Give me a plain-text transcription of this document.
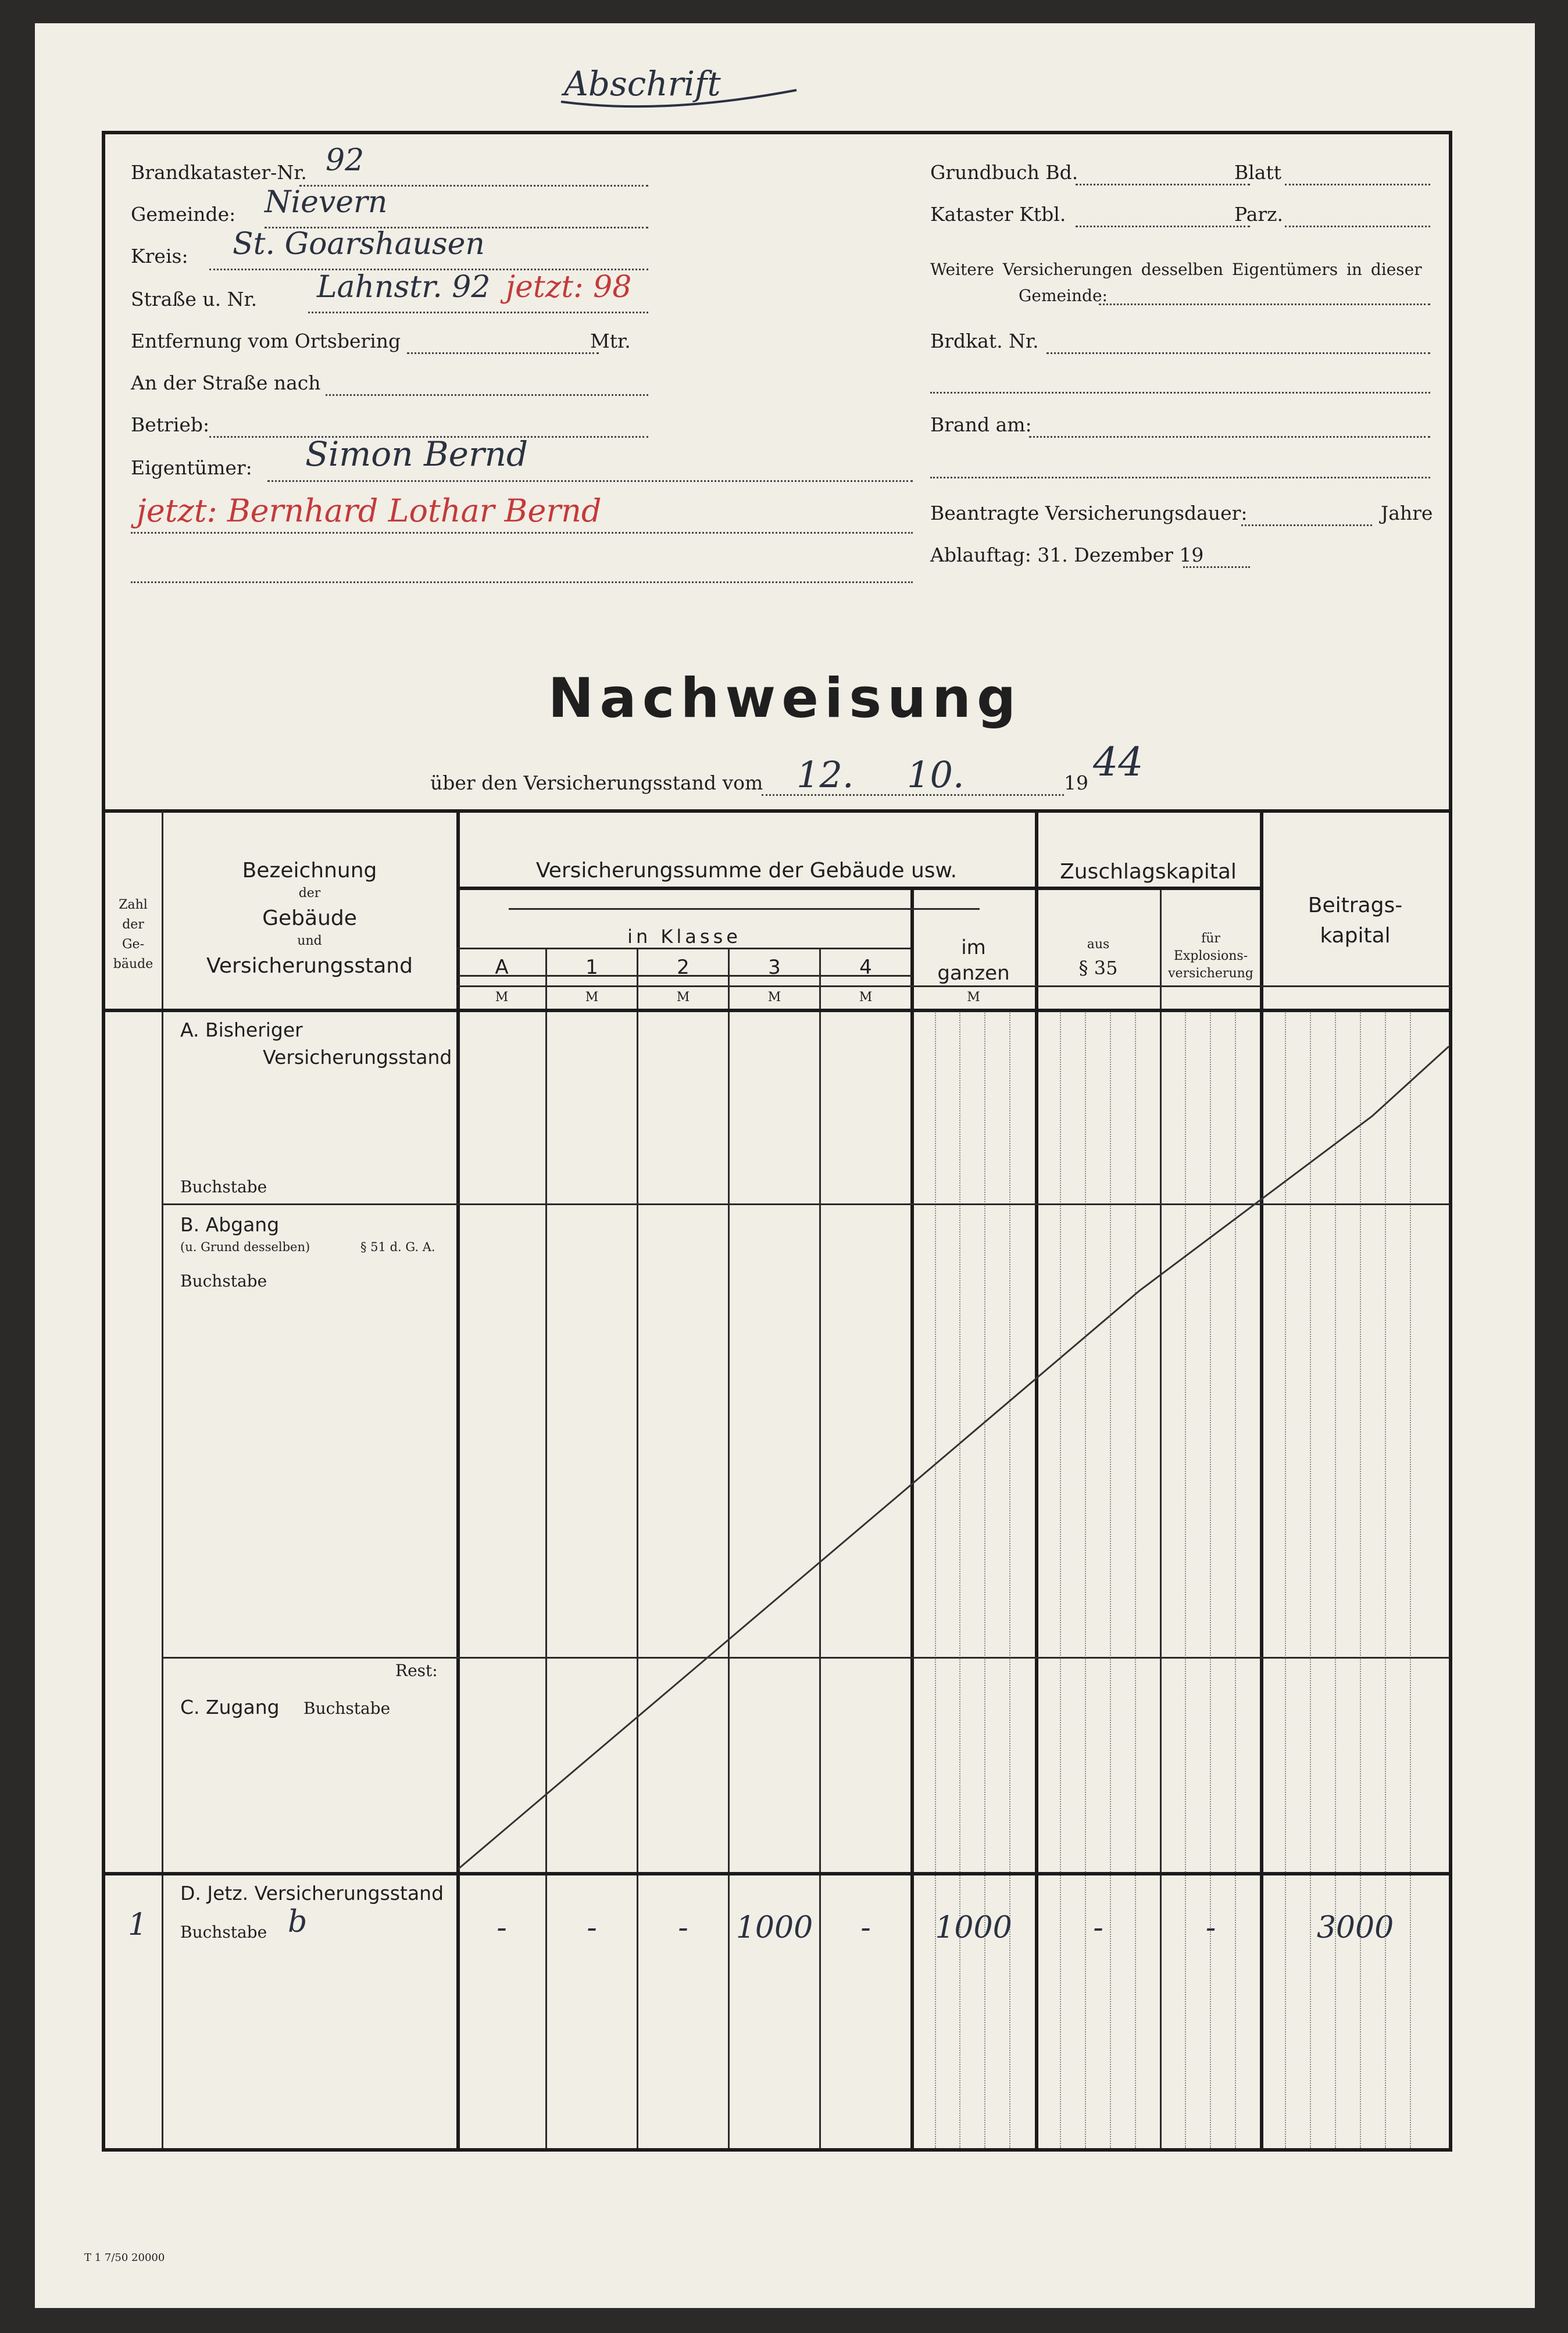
Abschrift
Brandkataster-Nr. 92
Gemeinde: Nievern
Kreis: St. Goarshausen
Straße u. Nr. Lahnstr. 92 jetzt: 98
Entfernung vom Ortsbering	Mtr.
An der Straße nach
Betrieb:
Eigentümer: Simon Bernd
jetzt: Bernhard Lothar Bernd
Grundbuch Bd.	Blatt
Kataster Ktbl.	Parz.
Weitere Versicherungen desselben Eigentümers in dieser
Gemeinde:
Brdkat. Nr.
Brand am:
Beantragte Versicherungsdauer:	Jahre
Ablauftag: 31. Dezember 19
Nachweisung
über den Versicherungsstand vom 12. 10.	19 44
Zahl
der
Ge-
bäude
Bezeichnung
der
Gebäude
und
Versicherungsstand
Versicherungssumme der Gebäude usw.
in Klasse
A	1	2	3	4
im
ganzen
M	M	M	M	M	M
Zuschlagskapital
aus
§ 35
für
Explosions-
versicherung
Beitrags-
kapital
A. Bisheriger
Versicherungsstand
Buchstabe
B. Abgang
(u. Grund desselben)	§ 51 d. G. A.
Buchstabe
Rest:
C. Zugang Buchstabe
D. Jetz. Versicherungsstand
Buchstabe
1	b	-	-	-	1000	-	1000	-	-	3000
T 1 7/50 20000
